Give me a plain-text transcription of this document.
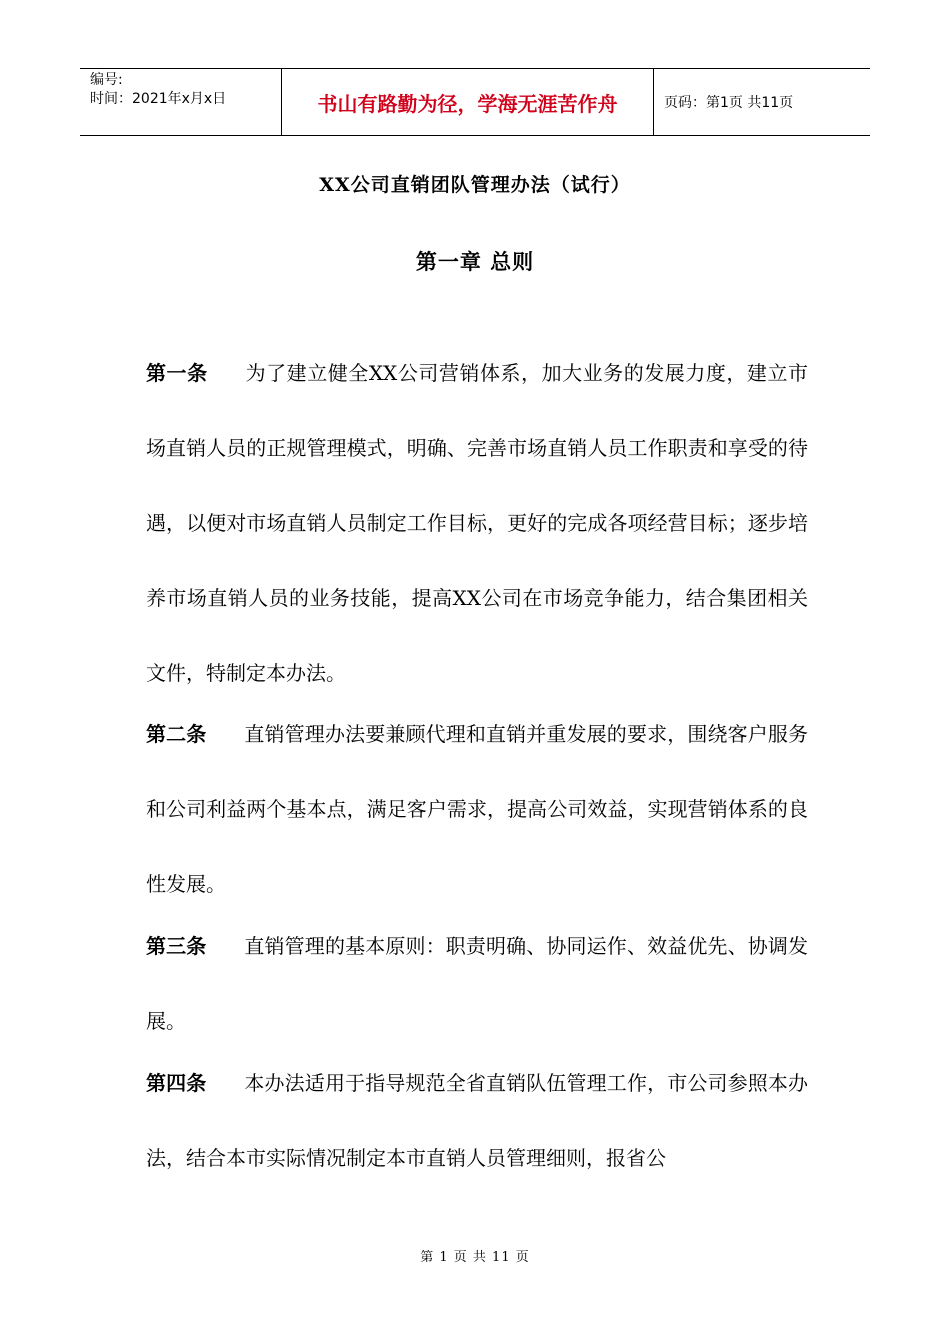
编号:
时间：2021年x月x日	书山有路勤为径，学海无涯苦作舟	页码：第1页 共11页
XX公司直销团队管理办法（试行）
第一章 总则

第一条 为了建立健全XX公司营销体系，加大业务的发展力度，建立市场直销人员的正规管理模式，明确、完善市场直销人员工作职责和享受的待遇，以便对市场直销人员制定工作目标，更好的完成各项经营目标；逐步培养市场直销人员的业务技能，提高XX公司在市场竞争能力，结合集团相关文件，特制定本办法。

第二条 直销管理办法要兼顾代理和直销并重发展的要求，围绕客户服务和公司利益两个基本点，满足客户需求，提高公司效益，实现营销体系的良性发展。

第三条 直销管理的基本原则：职责明确、协同运作、效益优先、协调发展。

第四条 本办法适用于指导规范全省直销队伍管理工作，市公司参照本办法，结合本市实际情况制定本市直销人员管理细则，报省公

第 1 页 共 11 页
